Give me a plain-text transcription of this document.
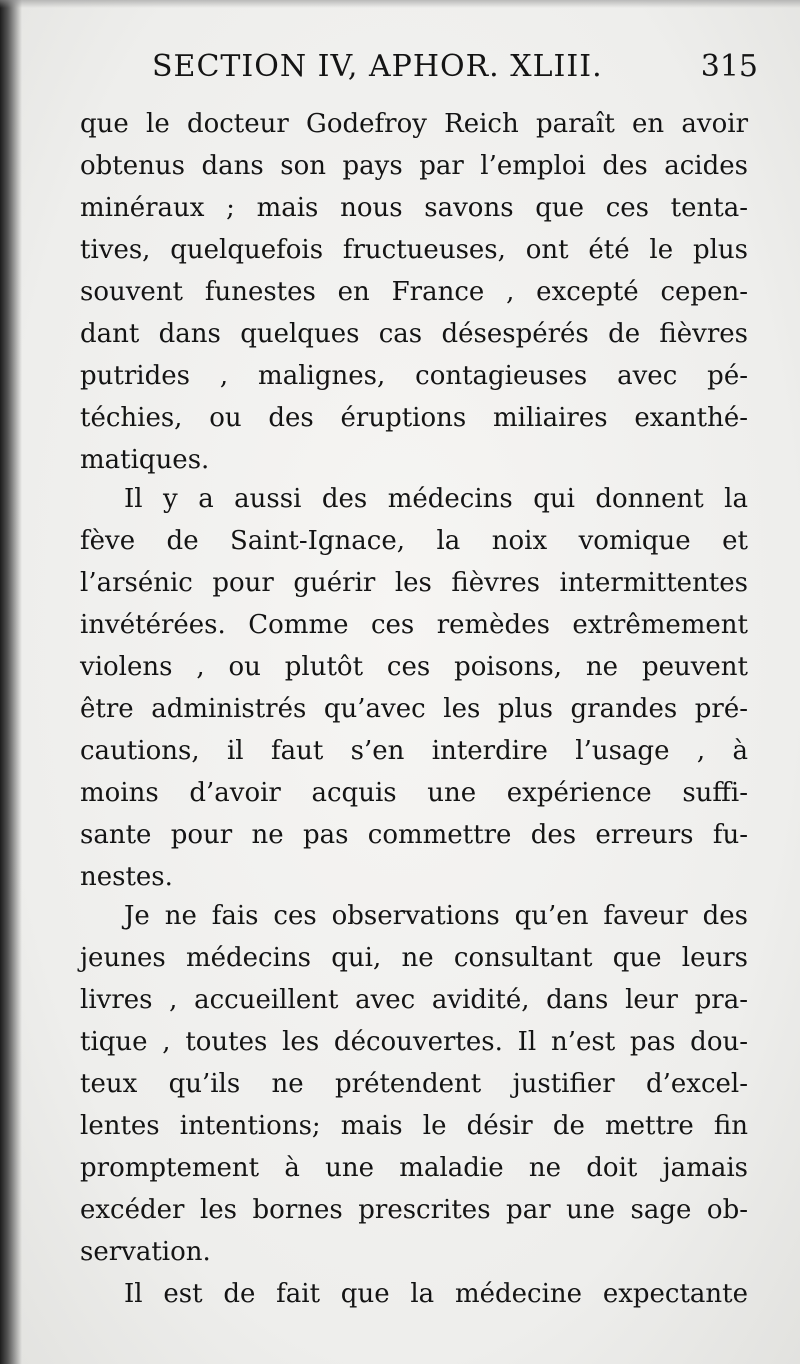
SECTION IV, APHOR. XLIII.	315
que le docteur Godefroy Reich paraît en avoir
obtenus dans son pays par l’emploi des acides
minéraux ; mais nous savons que ces tenta-
tives, quelquefois fructueuses, ont été le plus
souvent funestes en France , excepté cepen-
dant dans quelques cas désespérés de fièvres
putrides , malignes, contagieuses avec pé-
téchies, ou des éruptions miliaires exanthé-
matiques.
Il y a aussi des médecins qui donnent la
fève de Saint-Ignace, la noix vomique et
l’arsénic pour guérir les fièvres intermittentes
invétérées. Comme ces remèdes extrêmement
violens , ou plutôt ces poisons, ne peuvent
être administrés qu’avec les plus grandes pré-
cautions, il faut s’en interdire l’usage , à
moins d’avoir acquis une expérience suffi-
sante pour ne pas commettre des erreurs fu-
nestes.
Je ne fais ces observations qu’en faveur des
jeunes médecins qui, ne consultant que leurs
livres , accueillent avec avidité, dans leur pra-
tique , toutes les découvertes. Il n’est pas dou-
teux qu’ils ne prétendent justifier d’excel-
lentes intentions; mais le désir de mettre fin
promptement à une maladie ne doit jamais
excéder les bornes prescrites par une sage ob-
servation.
Il est de fait que la médecine expectante
